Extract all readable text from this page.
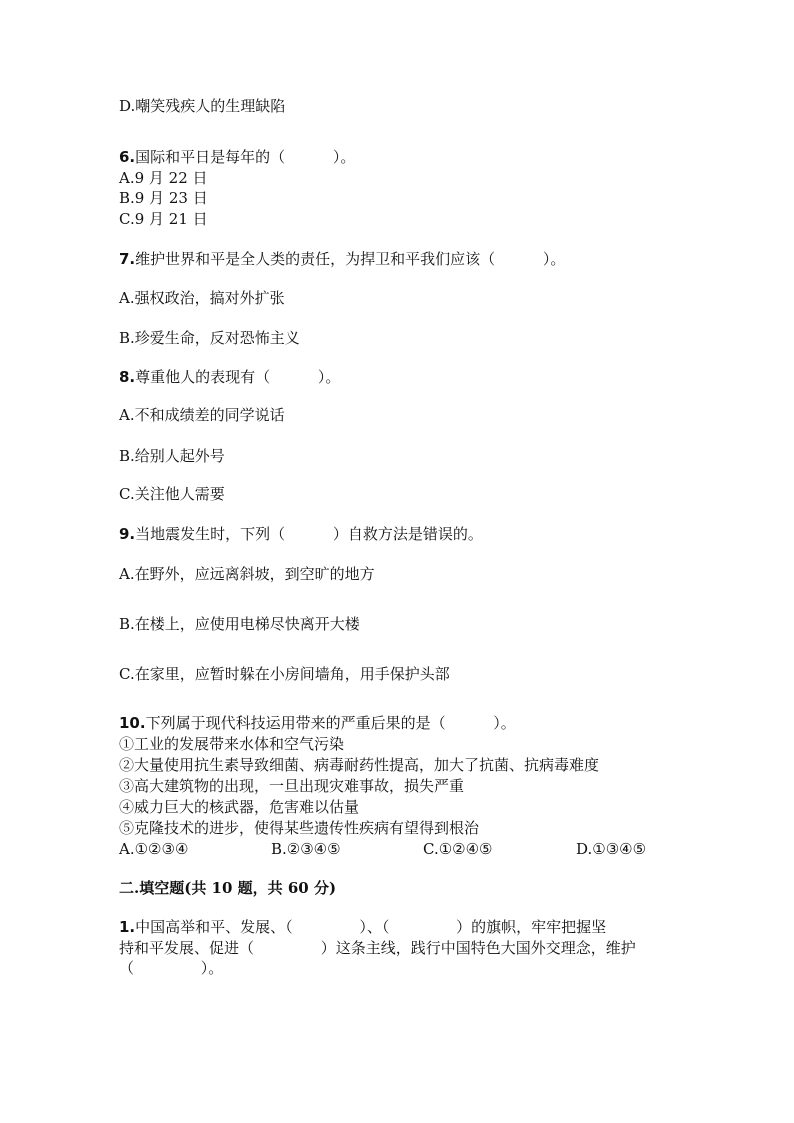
D.嘲笑残疾人的生理缺陷
6.国际和平日是每年的（          ）。
A.9 月 22 日
B.9 月 23 日
C.9 月 21 日
7.维护世界和平是全人类的责任，为捍卫和平我们应该（          ）。
A.强权政治，搞对外扩张
B.珍爱生命，反对恐怖主义
8.尊重他人的表现有（          ）。
A.不和成绩差的同学说话
B.给别人起外号
C.关注他人需要
9.当地震发生时，下列（          ）自救方法是错误的。
A.在野外，应远离斜坡，到空旷的地方
B.在楼上，应使用电梯尽快离开大楼
C.在家里，应暂时躲在小房间墙角，用手保护头部
10.下列属于现代科技运用带来的严重后果的是（          ）。
①工业的发展带来水体和空气污染
②大量使用抗生素导致细菌、病毒耐药性提高，加大了抗菌、抗病毒难度
③高大建筑物的出现，一旦出现灾难事故，损失严重
④威力巨大的核武器，危害难以估量
⑤克隆技术的进步，使得某些遗传性疾病有望得到根治
A.①②③④	B.②③④⑤	C.①②④⑤	D.①③④⑤
二.填空题(共 10 题，共 60 分)
1.中国高举和平、发展、（              ）、（              ）的旗帜，牢牢把握坚
持和平发展、促进（              ）这条主线，践行中国特色大国外交理念，维护
（              ）。
